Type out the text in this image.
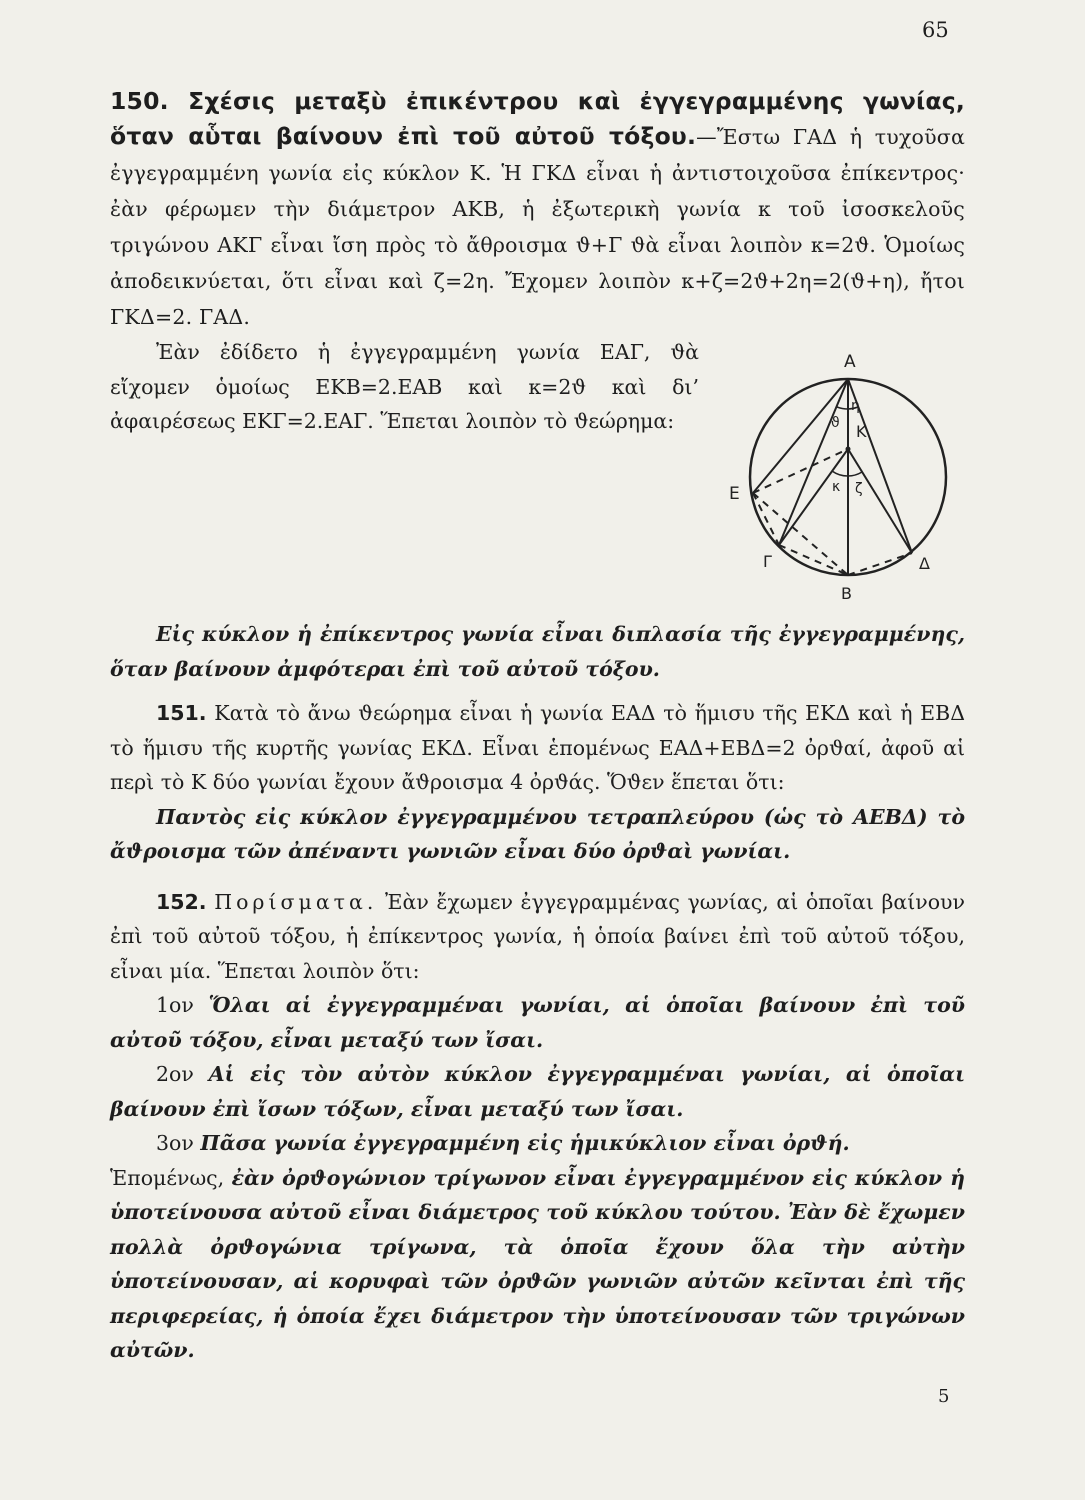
65

150. Σχέσις μεταξὺ ἐπικέντρου καὶ ἐγγεγραμμένης γωνίας, ὅταν αὗται βαίνουν ἐπὶ τοῦ αὐτοῦ τόξου.—Ἔστω ΓΑΔ ἡ τυχοῦσα ἐγγεγραμμένη γωνία εἰς κύκλον Κ. Ἡ ΓΚΔ εἶναι ἡ ἀντιστοιχοῦσα ἐπίκεντρος· ἐὰν φέρωμεν τὴν διάμετρον ΑΚΒ, ἡ ἐξωτερικὴ γωνία κ τοῦ ἰσοσκελοῦς τριγώνου ΑΚΓ εἶναι ἴση πρὸς τὸ ἄθροισμα ϑ+Γ ϑὰ εἶναι λοιπὸν κ=2ϑ. Ὁμοίως ἀποδεικνύεται, ὅτι εἶναι καὶ ζ=2η. Ἔχομεν λοιπὸν κ+ζ=2ϑ+2η=2(ϑ+η), ἤτοι ΓΚΔ=2. ΓΑΔ.

Α
Κ
Ε
Γ
Β
Δ
ϑ
η
κ ζ

Ἐὰν ἐδίδετο ἡ ἐγγεγραμμένη γωνία ΕΑΓ, ϑὰ εἴχομεν ὁμοίως ΕΚΒ=2.ΕΑΒ καὶ κ=2ϑ καὶ δι’ ἀφαιρέσεως ΕΚΓ=2.ΕΑΓ. Ἕπεται λοιπὸν τὸ ϑεώρημα:

Εἰς κύκλον ἡ ἐπίκεντρος γωνία εἶναι διπλασία τῆς ἐγγεγραμμένης, ὅταν βαίνουν ἀμφότεραι ἐπὶ τοῦ αὐτοῦ τόξου.

151. Κατὰ τὸ ἄνω ϑεώρημα εἶναι ἡ γωνία ΕΑΔ τὸ ἥμισυ τῆς ΕΚΔ καὶ ἡ ΕΒΔ τὸ ἥμισυ τῆς κυρτῆς γωνίας ΕΚΔ. Εἶναι ἑπομένως ΕΑΔ+ΕΒΔ=2 ὀρϑαί, ἀφοῦ αἱ περὶ τὸ Κ δύο γωνίαι ἔχουν ἄϑροισμα 4 ὀρϑάς. Ὅϑεν ἕπεται ὅτι:

Παντὸς εἰς κύκλον ἐγγεγραμμένου τετραπλεύρου (ὡς τὸ ΑΕΒΔ) τὸ ἄϑροισμα τῶν ἀπέναντι γωνιῶν εἶναι δύο ὀρϑαὶ γωνίαι.

152. Πορίσματα. Ἐὰν ἔχωμεν ἐγγεγραμμένας γωνίας, αἱ ὁποῖαι βαίνουν ἐπὶ τοῦ αὐτοῦ τόξου, ἡ ἐπίκεντρος γωνία, ἡ ὁποία βαίνει ἐπὶ τοῦ αὐτοῦ τόξου, εἶναι μία. Ἕπεται λοιπὸν ὅτι:

1ον Ὅλαι αἱ ἐγγεγραμμέναι γωνίαι, αἱ ὁποῖαι βαίνουν ἐπὶ τοῦ αὐτοῦ τόξου, εἶναι μεταξύ των ἴσαι.

2ον Αἱ εἰς τὸν αὐτὸν κύκλον ἐγγεγραμμέναι γωνίαι, αἱ ὁποῖαι βαίνουν ἐπὶ ἴσων τόξων, εἶναι μεταξύ των ἴσαι.

3ον Πᾶσα γωνία ἐγγεγραμμένη εἰς ἡμικύκλιον εἶναι ὀρϑή.

Ἑπομένως, ἐὰν ὀρϑογώνιον τρίγωνον εἶναι ἐγγεγραμμένον εἰς κύκλον ἡ ὑποτείνουσα αὐτοῦ εἶναι διάμετρος τοῦ κύκλου τούτου. Ἐὰν δὲ ἔχωμεν πολλὰ ὀρϑογώνια τρίγωνα, τὰ ὁποῖα ἔχουν ὅλα τὴν αὐτὴν ὑποτείνουσαν, αἱ κορυφαὶ τῶν ὀρϑῶν γωνιῶν αὐτῶν κεῖνται ἐπὶ τῆς περιφερείας, ἡ ὁποία ἔχει διάμετρον τὴν ὑποτείνουσαν τῶν τριγώνων αὐτῶν.

5
